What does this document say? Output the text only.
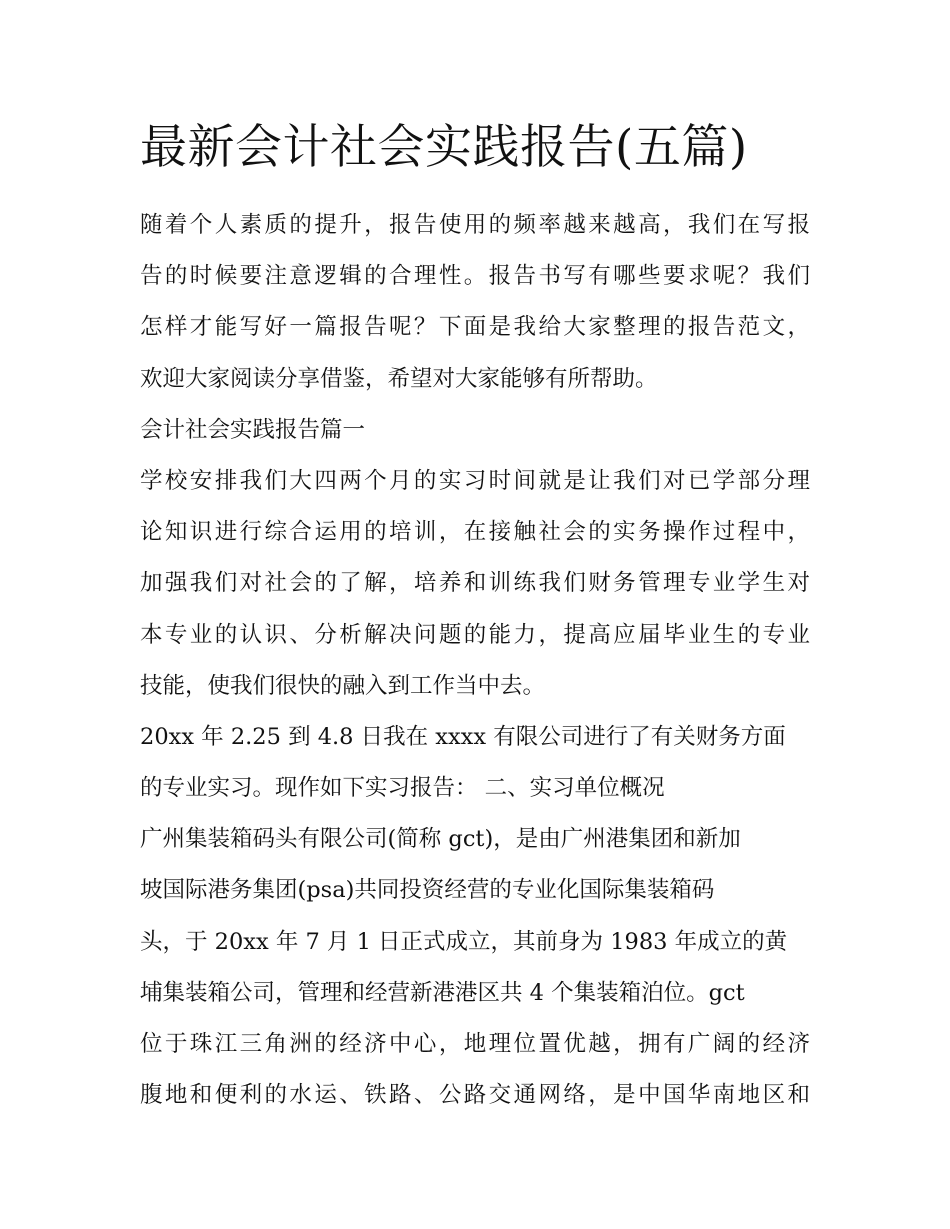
最新会计社会实践报告(五篇)

随着个人素质的提升，报告使用的频率越来越高，我们在写报

告的时候要注意逻辑的合理性。报告书写有哪些要求呢？我们

怎样才能写好一篇报告呢？下面是我给大家整理的报告范文，

欢迎大家阅读分享借鉴，希望对大家能够有所帮助。

会计社会实践报告篇一

学校安排我们大四两个月的实习时间就是让我们对已学部分理

论知识进行综合运用的培训，在接触社会的实务操作过程中，

加强我们对社会的了解，培养和训练我们财务管理专业学生对

本专业的认识、分析解决问题的能力，提高应届毕业生的专业

技能，使我们很快的融入到工作当中去。

20xx 年 2.25 到 4.8 日我在 xxxx 有限公司进行了有关财务方面

的专业实习。现作如下实习报告： 二、实习单位概况

广州集装箱码头有限公司(简称 gct)，是由广州港集团和新加

坡国际港务集团(psa)共同投资经营的专业化国际集装箱码

头，于 20xx 年 7 月 1 日正式成立，其前身为 1983 年成立的黄

埔集装箱公司，管理和经营新港港区共 4 个集装箱泊位。gct

位于珠江三角洲的经济中心，地理位置优越，拥有广阔的经济

腹地和便利的水运、铁路、公路交通网络，是中国华南地区和
